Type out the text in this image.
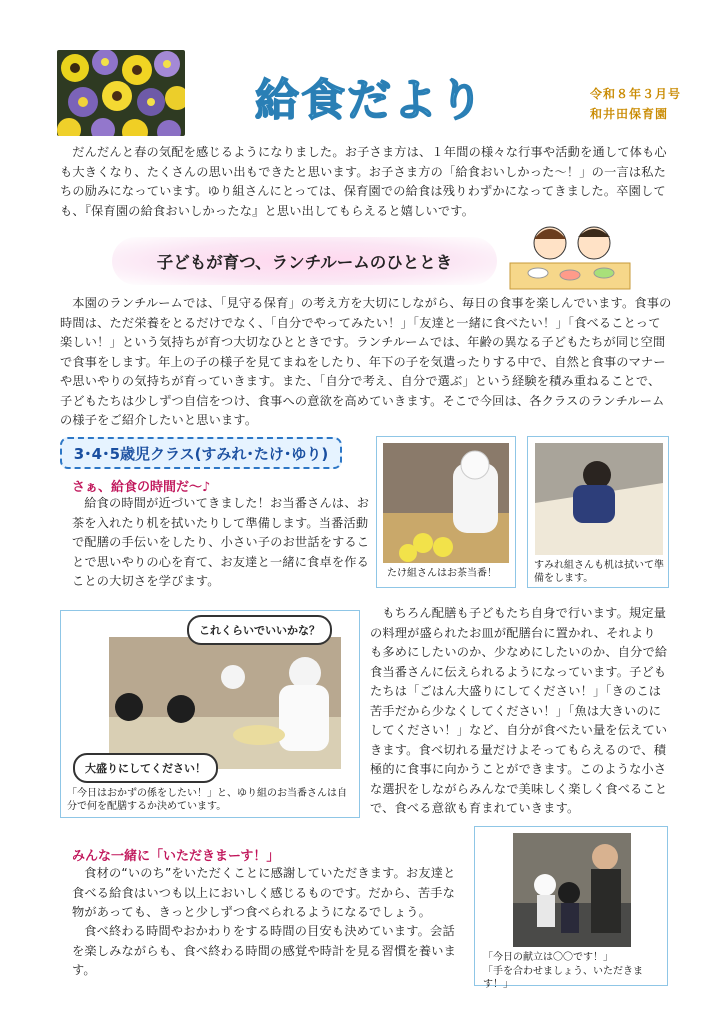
給食だより	令和８年３月号
和井田保育園

だんだんと春の気配を感じるようになりました。お子さま方は、１年間の様々な行事や活動を通して体も心も大きくなり、たくさんの思い出もできたと思います。お子さま方の「給食おいしかった～！」の一言は私たちの励みになっています。ゆり組さんにとっては、保育園での給食は残りわずかになってきました。卒園しても、『保育園の給食おいしかったな』と思い出してもらえると嬉しいです。

子どもが育つ、ランチルームのひととき

本園のランチルームでは、「見守る保育」の考え方を大切にしながら、毎日の食事を楽しんでいます。食事の時間は、ただ栄養をとるだけでなく、「自分でやってみたい！」「友達と一緒に食べたい！」「食べることって楽しい！」という気持ちが育つ大切なひとときです。ランチルームでは、年齢の異なる子どもたちが同じ空間で食事をします。年上の子の様子を見てまねをしたり、年下の子を気遣ったりする中で、自然と食事のマナーや思いやりの気持ちが育っていきます。また、「自分で考え、自分で選ぶ」という経験を積み重ねることで、子どもたちは少しずつ自信をつけ、食事への意欲を高めていきます。そこで今回は、各クラスのランチルームの様子をご紹介したいと思います。

3･4･5歳児クラス(すみれ･たけ･ゆり)
さぁ、給食の時間だ～♪

給食の時間が近づいてきました！お当番さんは、お茶を入れたり机を拭いたりして準備します。当番活動で配膳の手伝いをしたり、小さい子のお世話をすることで思いやりの心を育て、お友達と一緒に食卓を作ることの大切さを学びます。

たけ組さんはお茶当番！
すみれ組さんも机は拭いて準備をします。
これくらいでいいかな？
大盛りにしてください！
「今日はおかずの係をしたい！」と、ゆり組のお当番さんは自分で何を配膳するか決めています。

もちろん配膳も子どもたち自身で行います。規定量の料理が盛られたお皿が配膳台に置かれ、それよりも多めにしたいのか、少なめにしたいのか、自分で給食当番さんに伝えられるようになっています。子どもたちは「ごはん大盛りにしてください！」「きのこは苦手だから少なくしてください！」「魚は大きいのにしてください！」など、自分が食べたい量を伝えていきます。食べ切れる量だけよそってもらえるので、積極的に食事に向かうことができます。このような小さな選択をしながらみんなで美味しく楽しく食べることで、食べる意欲も育まれていきます。

みんな一緒に「いただきまーす！」

食材の“いのち”をいただくことに感謝していただきます。お友達と食べる給食はいつも以上においしく感じるものです。だから、苦手な物があっても、きっと少しずつ食べられるようになるでしょう。

食べ終わる時間やおかわりをする時間の目安も決めています。会話を楽しみながらも、食べ終わる時間の感覚や時計を見る習慣を養います。

「今日の献立は〇〇です！」
「手を合わせましょう、いただきます！」
